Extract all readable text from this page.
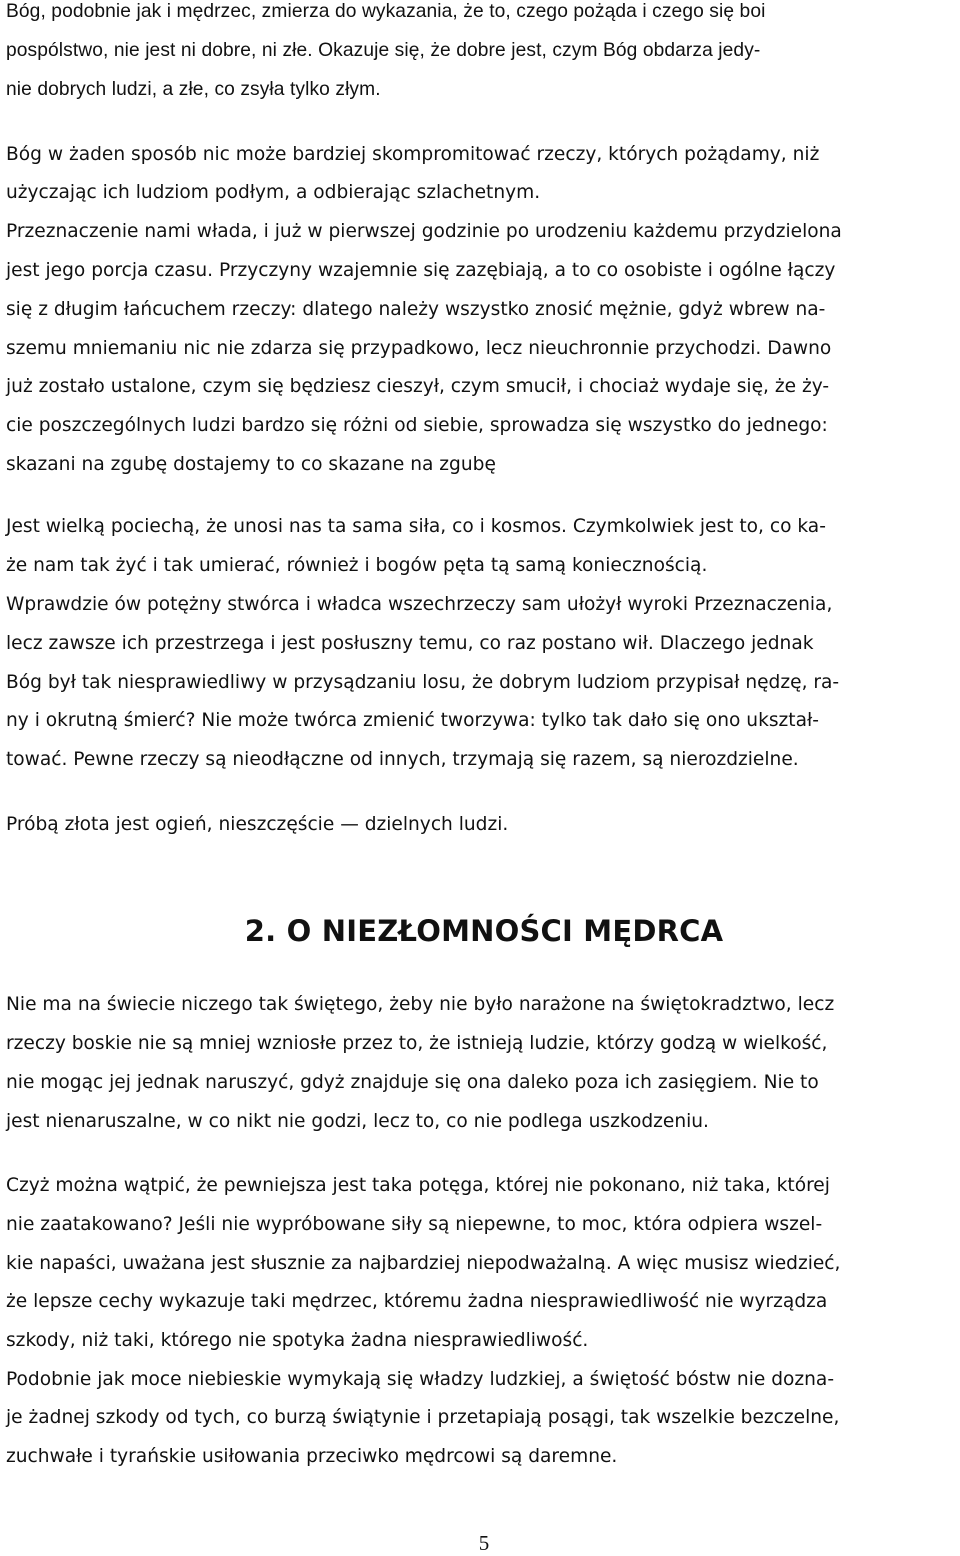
Bóg, podobnie jak i mędrzec, zmierza do wykazania, że to, czego pożąda i czego się boi
pospólstwo, nie jest ni dobre, ni złe. Okazuje się, że dobre jest, czym Bóg obdarza jedy-
nie dobrych ludzi, a złe, co zsyła tylko złym.
Bóg w żaden sposób nic może bardziej skompromitować rzeczy, których pożądamy, niż
użyczając ich ludziom podłym, a odbierając szlachetnym.
Przeznaczenie nami włada, i już w pierwszej godzinie po urodzeniu każdemu przydzielona
jest jego porcja czasu. Przyczyny wzajemnie się zazębiają, a to co osobiste i ogólne łączy
się z długim łańcuchem rzeczy: dlatego należy wszystko znosić mężnie, gdyż wbrew na-
szemu mniemaniu nic nie zdarza się przypadkowo, lecz nieuchronnie przychodzi. Dawno
już zostało ustalone, czym się będziesz cieszył, czym smucił, i chociaż wydaje się, że ży-
cie poszczególnych ludzi bardzo się różni od siebie, sprowadza się wszystko do jednego:
skazani na zgubę dostajemy to co skazane na zgubę
Jest wielką pociechą, że unosi nas ta sama siła, co i kosmos. Czymkolwiek jest to, co ka-
że nam tak żyć i tak umierać, również i bogów pęta tą samą koniecznością.
Wprawdzie ów potężny stwórca i władca wszechrzeczy sam ułożył wyroki Przeznaczenia,
lecz zawsze ich przestrzega i jest posłuszny temu, co raz postano wił. Dlaczego jednak
Bóg był tak niesprawiedliwy w przysądzaniu losu, że dobrym ludziom przypisał nędzę, ra-
ny i okrutną śmierć? Nie może twórca zmienić tworzywa: tylko tak dało się ono ukształ-
tować. Pewne rzeczy są nieodłączne od innych, trzymają się razem, są nierozdzielne.
Próbą złota jest ogień, nieszczęście — dzielnych ludzi.
2. O NIEZŁOMNOŚCI MĘDRCA
Nie ma na świecie niczego tak świętego, żeby nie było narażone na świętokradztwo, lecz
rzeczy boskie nie są mniej wzniosłe przez to, że istnieją ludzie, którzy godzą w wielkość,
nie mogąc jej jednak naruszyć, gdyż znajduje się ona daleko poza ich zasięgiem. Nie to
jest nienaruszalne, w co nikt nie godzi, lecz to, co nie podlega uszkodzeniu.
Czyż można wątpić, że pewniejsza jest taka potęga, której nie pokonano, niż taka, której
nie zaatakowano? Jeśli nie wypróbowane siły są niepewne, to moc, która odpiera wszel-
kie napaści, uważana jest słusznie za najbardziej niepodważalną. A więc musisz wiedzieć,
że lepsze cechy wykazuje taki mędrzec, któremu żadna niesprawiedliwość nie wyrządza
szkody, niż taki, którego nie spotyka żadna niesprawiedliwość.
Podobnie jak moce niebieskie wymykają się władzy ludzkiej, a świętość bóstw nie dozna-
je żadnej szkody od tych, co burzą świątynie i przetapiają posągi, tak wszelkie bezczelne,
zuchwałe i tyrańskie usiłowania przeciwko mędrcowi są daremne.
5
